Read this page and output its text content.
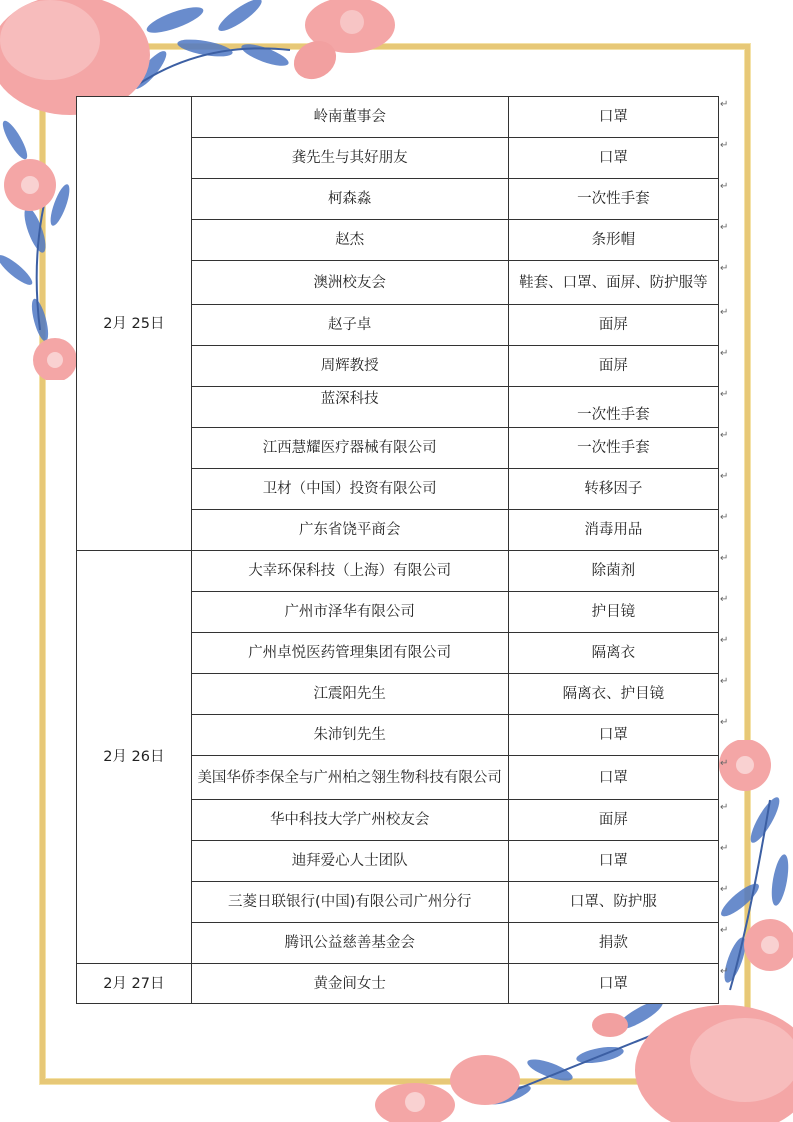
2月 25日	岭南董事会	口罩
	龚先生与其好朋友	口罩
	柯森淼	一次性手套
	赵杰	条形帽
	澳洲校友会	鞋套、口罩、面屏、防护服等
	赵子卓	面屏
	周辉教授	面屏
	蓝深科技	一次性手套
	江西慧耀医疗器械有限公司	一次性手套
	卫材（中国）投资有限公司	转移因子
	广东省饶平商会	消毒用品
2月 26日	大幸环保科技（上海）有限公司	除菌剂
	广州市泽华有限公司	护目镜
	广州卓悦医药管理集团有限公司	隔离衣
	江震阳先生	隔离衣、护目镜
	朱沛钊先生	口罩
	美国华侨李保全与广州柏之翎生物科技有限公司	口罩
	华中科技大学广州校友会	面屏
	迪拜爱心人士团队	口罩
	三菱日联银行(中国)有限公司广州分行	口罩、防护服
	腾讯公益慈善基金会	捐款
2月 27日	黄金间女士	口罩
↵
↵
↵
↵
↵
↵
↵
↵
↵
↵
↵
↵
↵
↵
↵
↵
↵
↵
↵
↵
↵
↵
